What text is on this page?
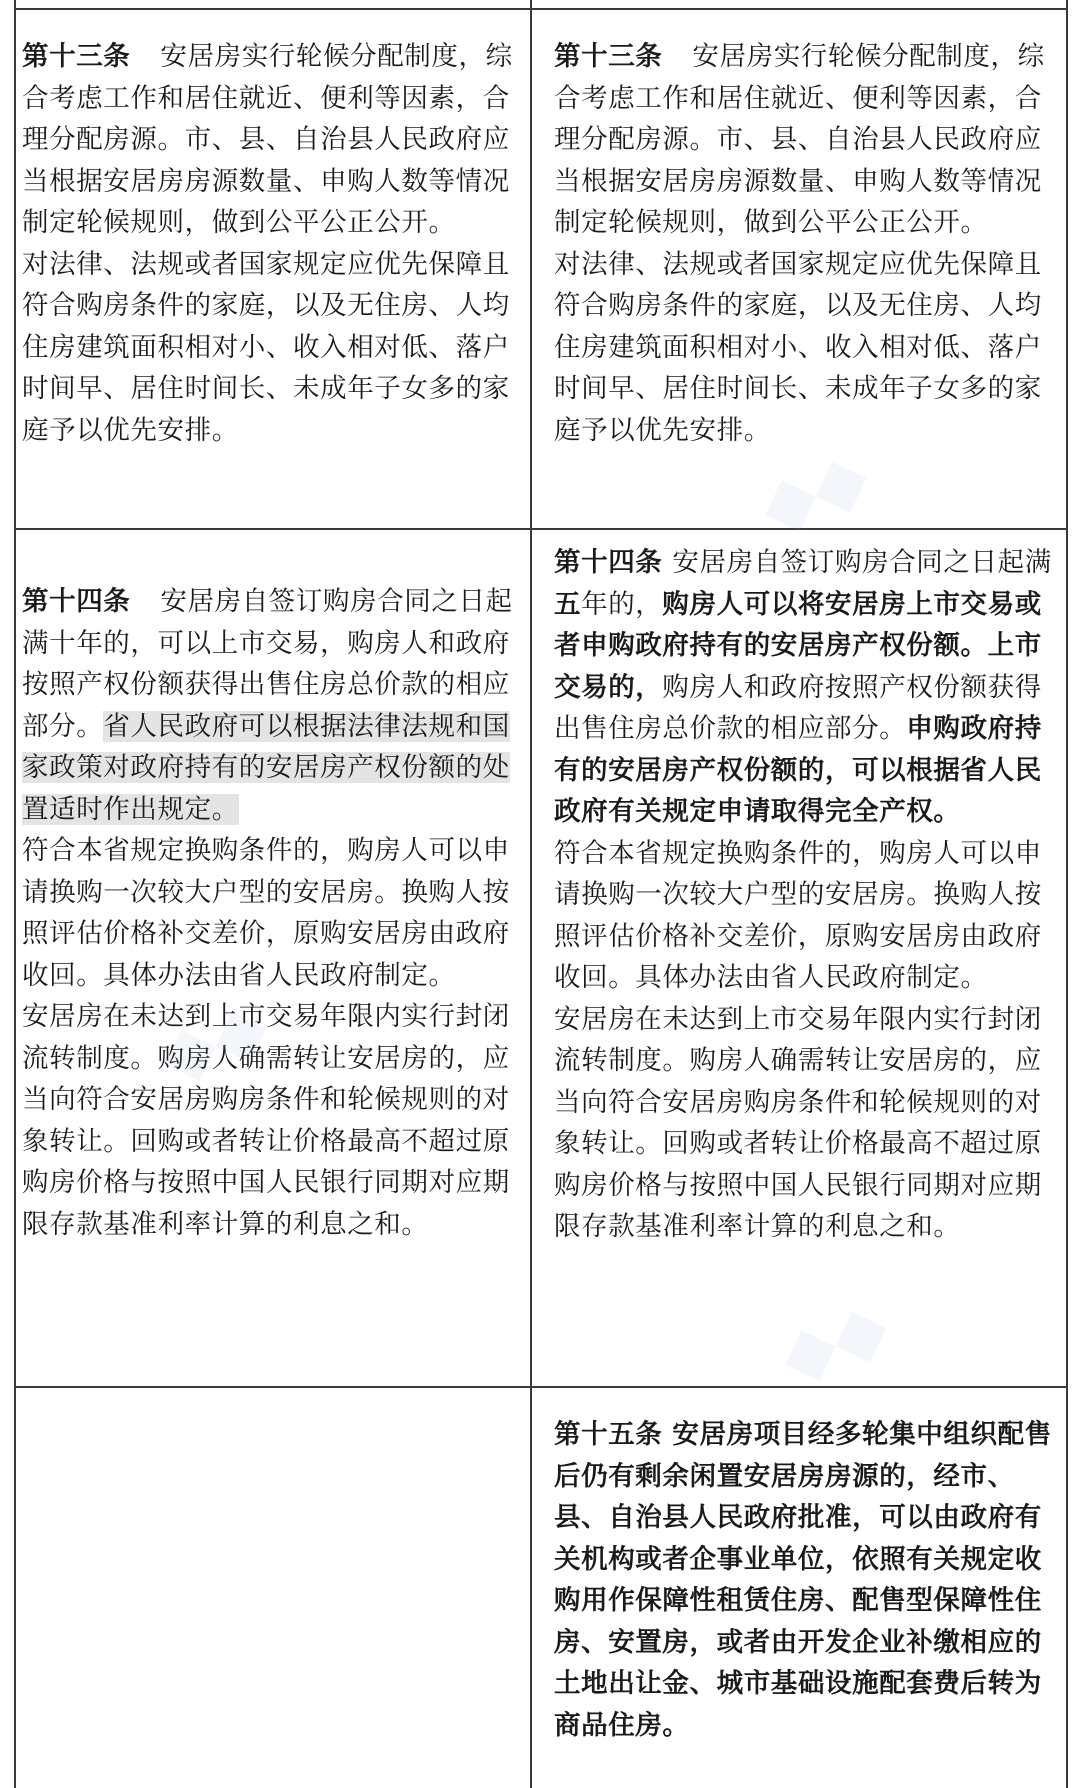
第十三条 安居房实行轮候分配制度，综合考虑工作和居住就近、便利等因素，合理分配房源。市、县、自治县人民政府应当根据安居房房源数量、申购人数等情况制定轮候规则，做到公平公正公开。

对法律、法规或者国家规定应优先保障且符合购房条件的家庭，以及无住房、人均住房建筑面积相对小、收入相对低、落户时间早、居住时间长、未成年子女多的家庭予以优先安排。

第十三条 安居房实行轮候分配制度，综合考虑工作和居住就近、便利等因素，合理分配房源。市、县、自治县人民政府应当根据安居房房源数量、申购人数等情况制定轮候规则，做到公平公正公开。

对法律、法规或者国家规定应优先保障且符合购房条件的家庭，以及无住房、人均住房建筑面积相对小、收入相对低、落户时间早、居住时间长、未成年子女多的家庭予以优先安排。

第十四条 安居房自签订购房合同之日起满十年的，可以上市交易，购房人和政府按照产权份额获得出售住房总价款的相应部分。省人民政府可以根据法律法规和国家政策对政府持有的安居房产权份额的处置适时作出规定。

符合本省规定换购条件的，购房人可以申请换购一次较大户型的安居房。换购人按照评估价格补交差价，原购安居房由政府收回。具体办法由省人民政府制定。

安居房在未达到上市交易年限内实行封闭流转制度。购房人确需转让安居房的，应当向符合安居房购房条件和轮候规则的对象转让。回购或者转让价格最高不超过原购房价格与按照中国人民银行同期对应期限存款基准利率计算的利息之和。

第十四条 安居房自签订购房合同之日起满五年的，购房人可以将安居房上市交易或者申购政府持有的安居房产权份额。上市交易的，购房人和政府按照产权份额获得出售住房总价款的相应部分。申购政府持有的安居房产权份额的，可以根据省人民政府有关规定申请取得完全产权。

符合本省规定换购条件的，购房人可以申请换购一次较大户型的安居房。换购人按照评估价格补交差价，原购安居房由政府收回。具体办法由省人民政府制定。

安居房在未达到上市交易年限内实行封闭流转制度。购房人确需转让安居房的，应当向符合安居房购房条件和轮候规则的对象转让。回购或者转让价格最高不超过原购房价格与按照中国人民银行同期对应期限存款基准利率计算的利息之和。

第十五条 安居房项目经多轮集中组织配售后仍有剩余闲置安居房房源的，经市、县、自治县人民政府批准，可以由政府有关机构或者企事业单位，依照有关规定收购用作保障性租赁住房、配售型保障性住房、安置房，或者由开发企业补缴相应的土地出让金、城市基础设施配套费后转为商品住房。

◆◆
◆◆
◆◆
